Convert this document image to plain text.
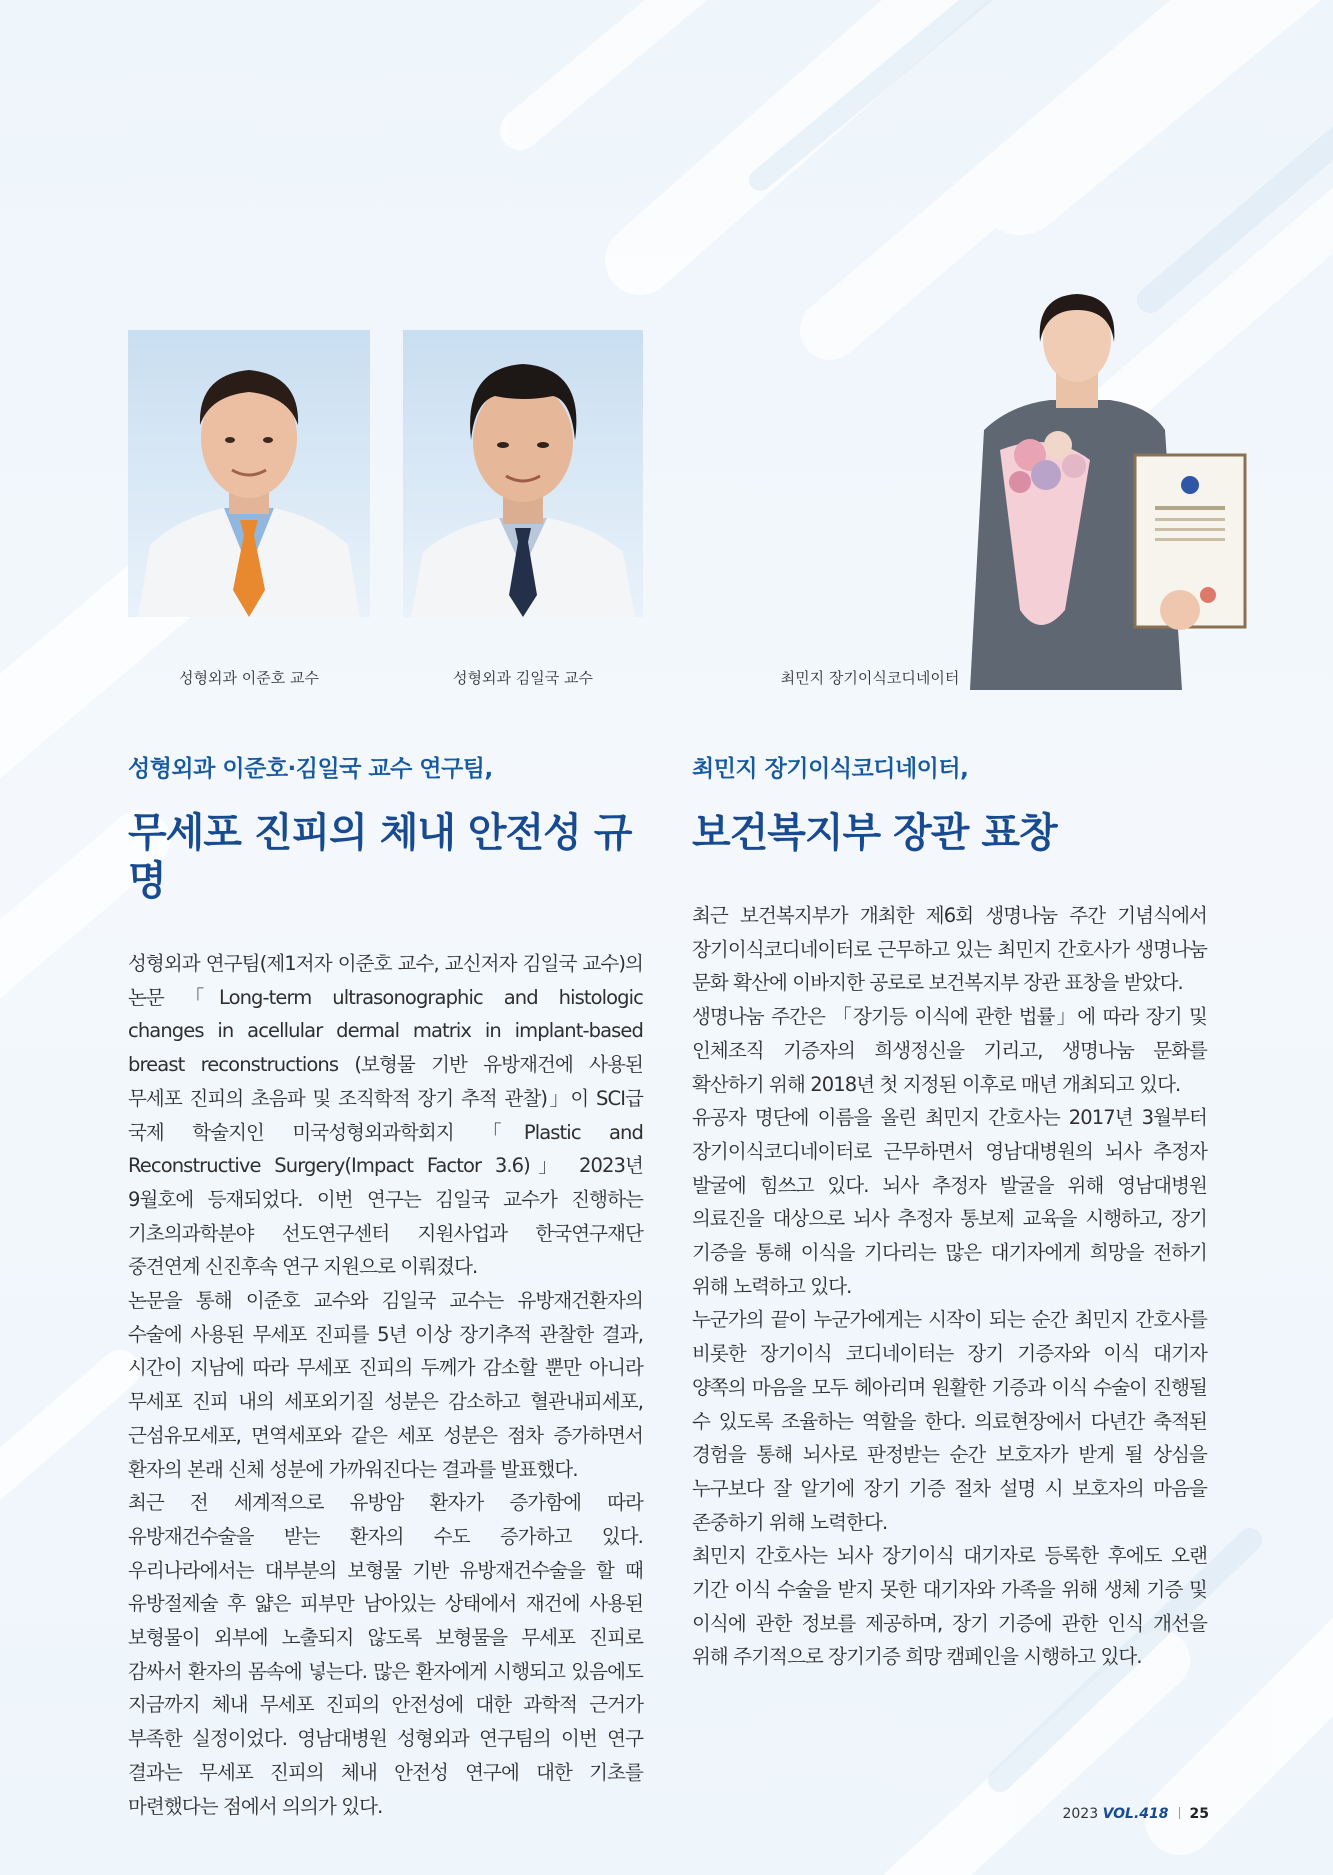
성형외과 이준호 교수	성형외과 김일국 교수	최민지 장기이식코디네이터
성형외과 이준호·김일국 교수 연구팀,
무세포 진피의 체내 안전성 규명

성형외과 연구팀(제1저자 이준호 교수, 교신저자 김일국 교수)의 논문 「Long-term ultrasonographic and histologic changes in acellular dermal matrix in implant-based breast reconstructions (보형물 기반 유방재건에 사용된 무세포 진피의 초음파 및 조직학적 장기 추적 관찰)」이 SCI급 국제 학술지인 미국성형외과학회지 「Plastic and Reconstructive Surgery(Impact Factor 3.6)」 2023년 9월호에 등재되었다. 이번 연구는 김일국 교수가 진행하는 기초의과학분야 선도연구센터 지원사업과 한국연구재단 중견연계 신진후속 연구 지원으로 이뤄졌다.

논문을 통해 이준호 교수와 김일국 교수는 유방재건환자의 수술에 사용된 무세포 진피를 5년 이상 장기추적 관찰한 결과, 시간이 지남에 따라 무세포 진피의 두께가 감소할 뿐만 아니라 무세포 진피 내의 세포외기질 성분은 감소하고 혈관내피세포, 근섬유모세포, 면역세포와 같은 세포 성분은 점차 증가하면서 환자의 본래 신체 성분에 가까워진다는 결과를 발표했다.

최근 전 세계적으로 유방암 환자가 증가함에 따라 유방재건수술을 받는 환자의 수도 증가하고 있다. 우리나라에서는 대부분의 보형물 기반 유방재건수술을 할 때 유방절제술 후 얇은 피부만 남아있는 상태에서 재건에 사용된 보형물이 외부에 노출되지 않도록 보형물을 무세포 진피로 감싸서 환자의 몸속에 넣는다. 많은 환자에게 시행되고 있음에도 지금까지 체내 무세포 진피의 안전성에 대한 과학적 근거가 부족한 실정이었다. 영남대병원 성형외과 연구팀의 이번 연구 결과는 무세포 진피의 체내 안전성 연구에 대한 기초를 마련했다는 점에서 의의가 있다.

최민지 장기이식코디네이터,
보건복지부 장관 표창

최근 보건복지부가 개최한 제6회 생명나눔 주간 기념식에서 장기이식코디네이터로 근무하고 있는 최민지 간호사가 생명나눔 문화 확산에 이바지한 공로로 보건복지부 장관 표창을 받았다.

생명나눔 주간은 「장기등 이식에 관한 법률」에 따라 장기 및 인체조직 기증자의 희생정신을 기리고, 생명나눔 문화를 확산하기 위해 2018년 첫 지정된 이후로 매년 개최되고 있다.

유공자 명단에 이름을 올린 최민지 간호사는 2017년 3월부터 장기이식코디네이터로 근무하면서 영남대병원의 뇌사 추정자 발굴에 힘쓰고 있다. 뇌사 추정자 발굴을 위해 영남대병원 의료진을 대상으로 뇌사 추정자 통보제 교육을 시행하고, 장기 기증을 통해 이식을 기다리는 많은 대기자에게 희망을 전하기 위해 노력하고 있다.

누군가의 끝이 누군가에게는 시작이 되는 순간 최민지 간호사를 비롯한 장기이식 코디네이터는 장기 기증자와 이식 대기자 양쪽의 마음을 모두 헤아리며 원활한 기증과 이식 수술이 진행될 수 있도록 조율하는 역할을 한다. 의료현장에서 다년간 축적된 경험을 통해 뇌사로 판정받는 순간 보호자가 받게 될 상심을 누구보다 잘 알기에 장기 기증 절차 설명 시 보호자의 마음을 존중하기 위해 노력한다.

최민지 간호사는 뇌사 장기이식 대기자로 등록한 후에도 오랜 기간 이식 수술을 받지 못한 대기자와 가족을 위해 생체 기증 및 이식에 관한 정보를 제공하며, 장기 기증에 관한 인식 개선을 위해 주기적으로 장기기증 희망 캠페인을 시행하고 있다.

2023 VOL.418 25
